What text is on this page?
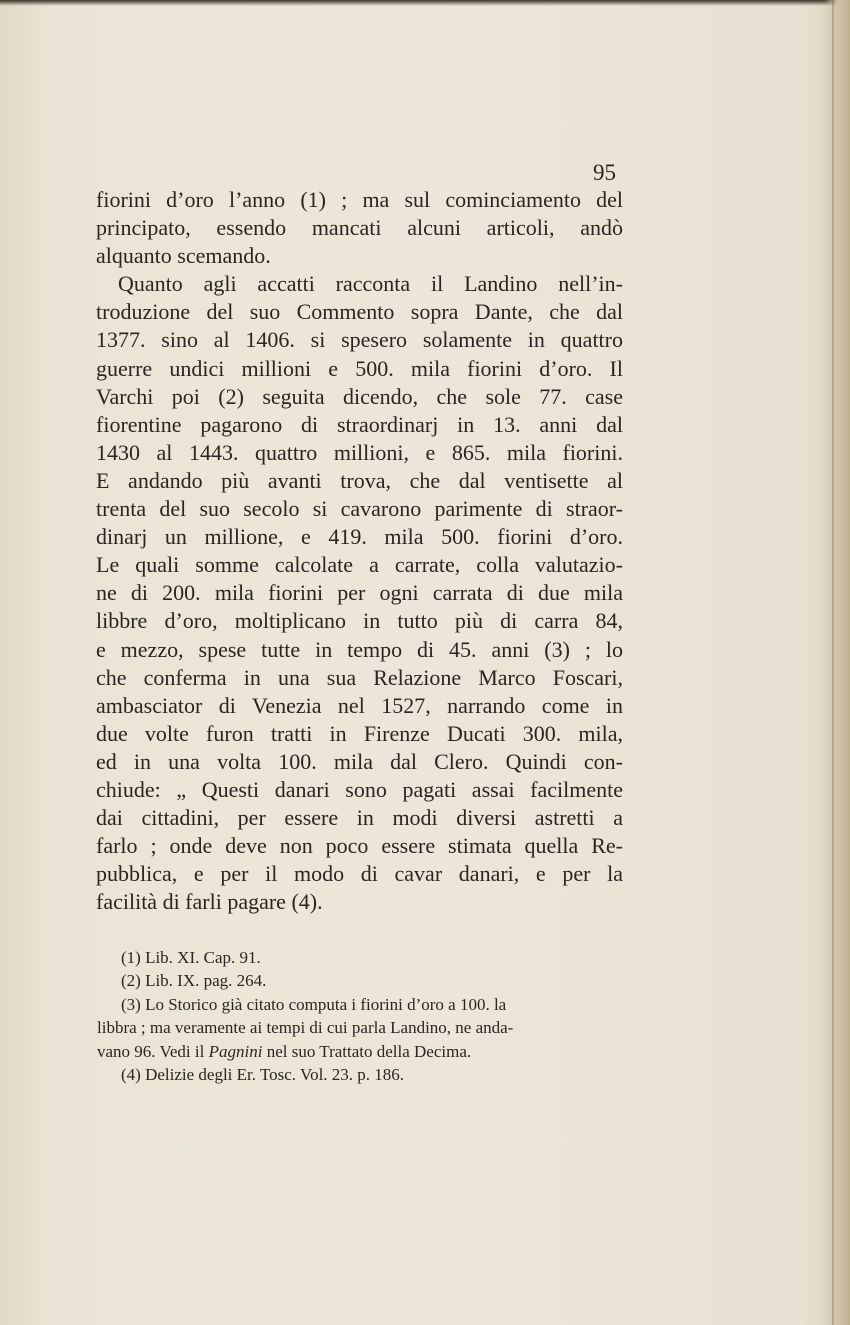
95
fiorini d’oro l’anno (1) ; ma sul cominciamento del
principato, essendo mancati alcuni articoli, andò
alquanto scemando.
Quanto agli accatti racconta il Landino nell’in-
troduzione del suo Commento sopra Dante, che dal
1377. sino al 1406. si spesero solamente in quattro
guerre undici millioni e 500. mila fiorini d’oro. Il
Varchi poi (2) seguita dicendo, che sole 77. case
fiorentine pagarono di straordinarj in 13. anni dal
1430 al 1443. quattro millioni, e 865. mila fiorini.
E andando più avanti trova, che dal ventisette al
trenta del suo secolo si cavarono parimente di straor-
dinarj un millione, e 419. mila 500. fiorini d’oro.
Le quali somme calcolate a carrate, colla valutazio-
ne di 200. mila fiorini per ogni carrata di due mila
libbre d’oro, moltiplicano in tutto più di carra 84,
e mezzo, spese tutte in tempo di 45. anni (3) ; lo
che conferma in una sua Relazione Marco Foscari,
ambasciator di Venezia nel 1527, narrando come in
due volte furon tratti in Firenze Ducati 300. mila,
ed in una volta 100. mila dal Clero. Quindi con-
chiude: „ Questi danari sono pagati assai facilmente
dai cittadini, per essere in modi diversi astretti a
farlo ; onde deve non poco essere stimata quella Re-
pubblica, e per il modo di cavar danari, e per la
facilità di farli pagare (4).
(1) Lib. XI. Cap. 91.
(2) Lib. IX. pag. 264.
(3) Lo Storico già citato computa i fiorini d’oro a 100. la
libbra ; ma veramente ai tempi di cui parla Landino, ne anda-
vano 96. Vedi il Pagnini nel suo Trattato della Decima.
(4) Delizie degli Er. Tosc. Vol. 23. p. 186.
